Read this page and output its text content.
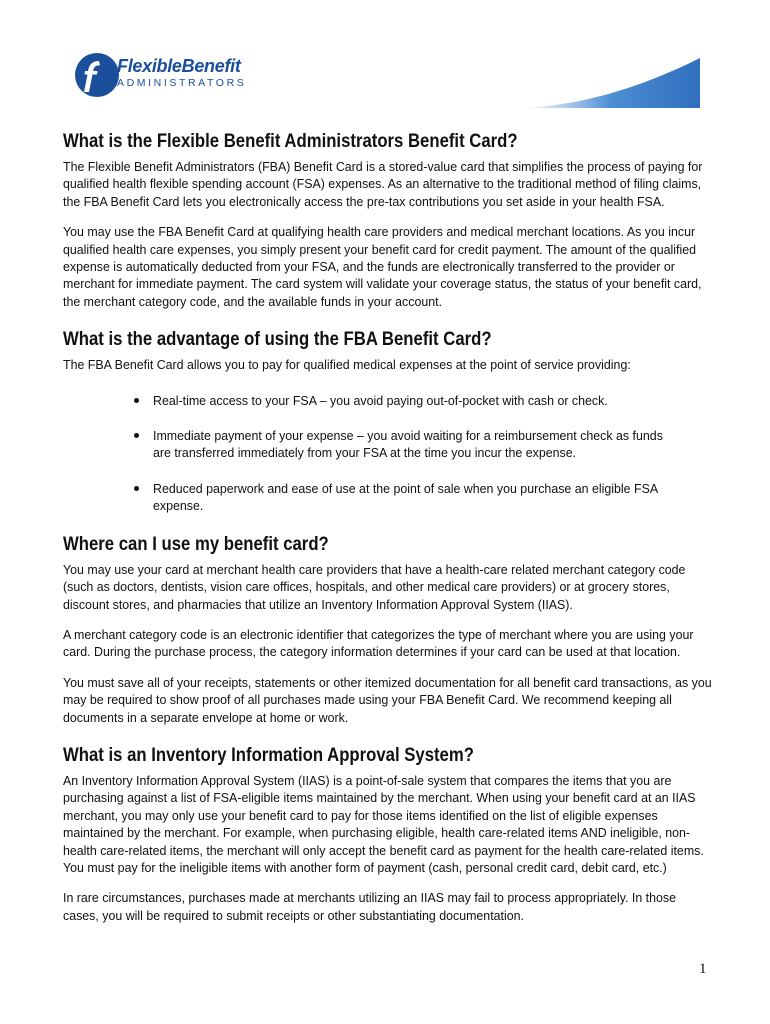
FlexibleBenefit
ADMINISTRATORS
What is the Flexible Benefit Administrators Benefit Card?

The Flexible Benefit Administrators (FBA) Benefit Card is a stored-value card that simplifies the process of paying for qualified health flexible spending account (FSA) expenses. As an alternative to the traditional method of filing claims, the FBA Benefit Card lets you electronically access the pre-tax contributions you set aside in your health FSA.

You may use the FBA Benefit Card at qualifying health care providers and medical merchant locations. As you incur qualified health care expenses, you simply present your benefit card for credit payment. The amount of the qualified expense is automatically deducted from your FSA, and the funds are electronically transferred to the provider or merchant for immediate payment. The card system will validate your coverage status, the status of your benefit card, the merchant category code, and the available funds in your account.

What is the advantage of using the FBA Benefit Card?

The FBA Benefit Card allows you to pay for qualified medical expenses at the point of service providing:

Real-time access to your FSA – you avoid paying out-of-pocket with cash or check.

Immediate payment of your expense – you avoid waiting for a reimbursement check as funds are transferred immediately from your FSA at the time you incur the expense.

Reduced paperwork and ease of use at the point of sale when you purchase an eligible FSA expense.

Where can I use my benefit card?

You may use your card at merchant health care providers that have a health-care related merchant category code (such as doctors, dentists, vision care offices, hospitals, and other medical care providers) or at grocery stores, discount stores, and pharmacies that utilize an Inventory Information Approval System (IIAS).

A merchant category code is an electronic identifier that categorizes the type of merchant where you are using your card. During the purchase process, the category information determines if your card can be used at that location.

You must save all of your receipts, statements or other itemized documentation for all benefit card transactions, as you may be required to show proof of all purchases made using your FBA Benefit Card. We recommend keeping all documents in a separate envelope at home or work.

What is an Inventory Information Approval System?

An Inventory Information Approval System (IIAS) is a point-of-sale system that compares the items that you are purchasing against a list of FSA-eligible items maintained by the merchant. When using your benefit card at an IIAS merchant, you may only use your benefit card to pay for those items identified on the list of eligible expenses maintained by the merchant. For example, when purchasing eligible, health care-related items AND ineligible, non-health care-related items, the merchant will only accept the benefit card as payment for the health care-related items. You must pay for the ineligible items with another form of payment (cash, personal credit card, debit card, etc.)

In rare circumstances, purchases made at merchants utilizing an IIAS may fail to process appropriately. In those cases, you will be required to submit receipts or other substantiating documentation.

1
